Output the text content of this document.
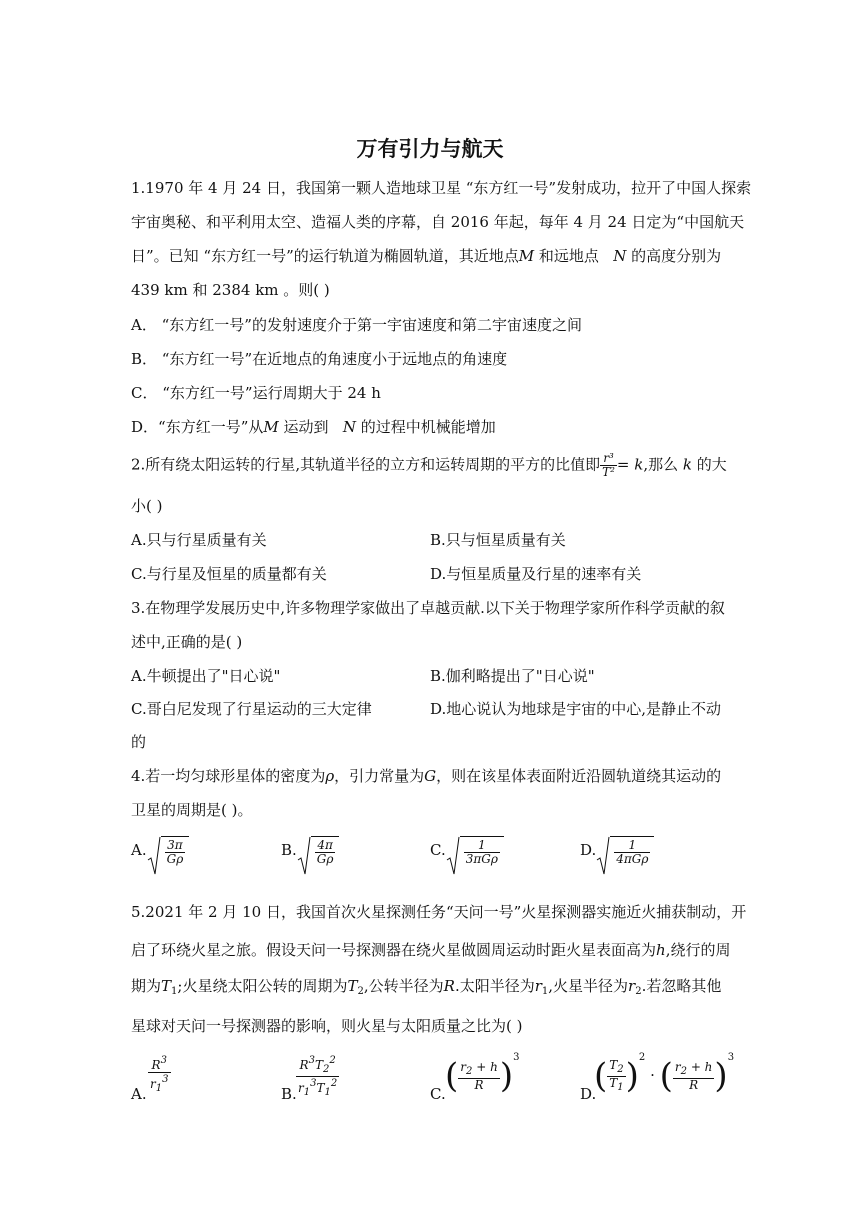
万有引力与航天
1.1970 年 4 月 24 日，我国第一颗人造地球卫星 “东方红一号”发射成功，拉开了中国人探索
宇宙奥秘、和平利用太空、造福人类的序幕，自 2016 年起，每年 4 月 24 日定为“中国航天
日”。已知 “东方红一号”的运行轨道为椭圆轨道，其近地点M 和远地点 N 的高度分别为
439 km 和 2384 km 。则( )
A． “东方红一号”的发射速度介于第一宇宙速度和第二宇宙速度之间
B． “东方红一号”在近地点的角速度小于远地点的角速度
C． “东方红一号”运行周期大于 24 h
D．“东方红一号”从M 运动到 N 的过程中机械能增加
2.所有绕太阳运转的行星,其轨道半径的立方和运转周期的平方的比值即 $\frac{\text{r³}}{\text{T²}} = k$,那么 k 的大
小( )
A.只与行星质量有关	B.只与恒星质量有关
C.与行星及恒星的质量都有关	D.与恒星质量及行星的速率有关
3.在物理学发展历史中,许多物理学家做出了卓越贡献.以下关于物理学家所作科学贡献的叙
述中,正确的是( )
A.牛顿提出了"日心说"	B.伽利略提出了"日心说"
C.哥白尼发现了行星运动的三大定律	D.地心说认为地球是宇宙的中心,是静止不动
的
4.若一均匀球形星体的密度为ρ，引力常量为G，则在该星体表面附近沿圆轨道绕其运动的
卫星的周期是( )。
A. $\frac{3\pi}{G\rho}$	B. $\frac{4\pi}{G\rho}$	C. $\frac{1}{\text{3πGρ}}$	D. $\frac{1}{\text{4πGρ}}$
5.2021 年 2 月 10 日，我国首次火星探测任务“天问一号”火星探测器实施近火捕获制动，开
启了环绕火星之旅。假设天问一号探测器在绕火星做圆周运动时距火星表面高为h,绕行的周
期为$T_1$;火星绕太阳公转的周期为$T_2$,公转半径为R.太阳半径为$r_1$,火星半径为$r_2$.若忽略其他
星球对天问一号探测器的影响，则火星与太阳质量之比为( )
A. $\frac{R^3}{r_1^3}$	B. $\frac{R^3T_2^2}{r_1^3T_1^2}$	C. ( $\frac{r_2 + h}{R} )^3$
D.
( $\frac{T_2}{T_1} )^2$ · ( $\frac{r_2 + h}{R} )^3$
